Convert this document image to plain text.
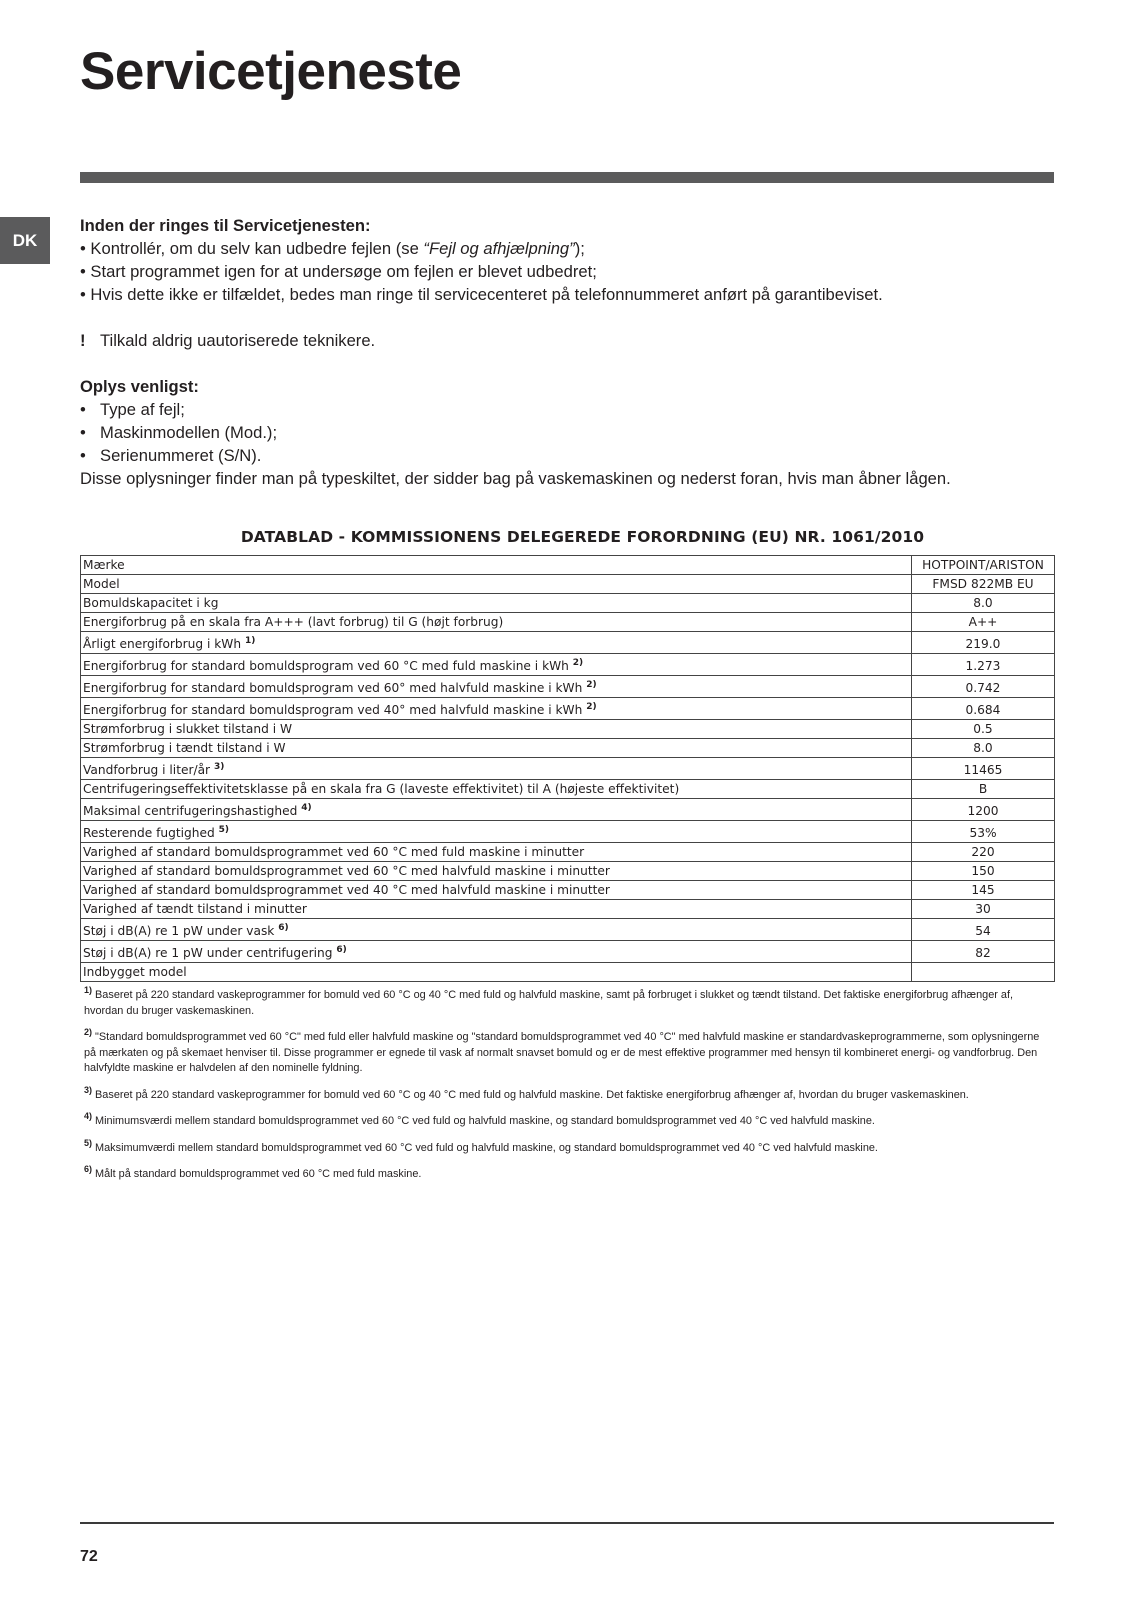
Servicetjeneste
DK

Inden der ringes til Servicetjenesten:

• Kontrollér, om du selv kan udbedre fejlen (se “Fejl og afhjælpning”);
• Start programmet igen for at undersøge om fejlen er blevet udbedret;
• Hvis dette ikke er tilfældet, bedes man ringe til servicecenteret på telefonnummeret anført på garantibeviset.
! Tilkald aldrig uautoriserede teknikere.

Oplys venligst:

• Type af fejl;
• Maskinmodellen (Mod.);
• Serienummeret (S/N).

Disse oplysninger finder man på typeskiltet, der sidder bag på vaskemaskinen og nederst foran, hvis man åbner lågen.

DATABLAD - KOMMISSIONENS DELEGEREDE FORORDNING (EU) NR. 1061/2010

Mærke	HOTPOINT/ARISTON
Model	FMSD 822MB EU
Bomuldskapacitet i kg	8.0
Energiforbrug på en skala fra A+++ (lavt forbrug) til G (højt forbrug)	A++
Årligt energiforbrug i kWh $^{1)}$	219.0
Energiforbrug for standard bomuldsprogram ved 60 °C med fuld maskine i kWh $^{2)}$	1.273
Energiforbrug for standard bomuldsprogram ved 60° med halvfuld maskine i kWh $^{2)}$	0.742
Energiforbrug for standard bomuldsprogram ved 40° med halvfuld maskine i kWh $^{2)}$	0.684
Strømforbrug i slukket tilstand i W	0.5
Strømforbrug i tændt tilstand i W	8.0
Vandforbrug i liter/år $^{3)}$	11465
Centrifugeringseffektivitetsklasse på en skala fra G (laveste effektivitet) til A (højeste effektivitet)	B
Maksimal centrifugeringshastighed $^{4)}$	1200
Resterende fugtighed $^{5)}$	53%
Varighed af standard bomuldsprogrammet ved 60 °C med fuld maskine i minutter	220
Varighed af standard bomuldsprogrammet ved 60 °C med halvfuld maskine i minutter	150
Varighed af standard bomuldsprogrammet ved 40 °C med halvfuld maskine i minutter	145
Varighed af tændt tilstand i minutter	30
Støj i dB(A) re 1 pW under vask $^{6)}$	54
Støj i dB(A) re 1 pW under centrifugering $^{6)}$	82
Indbygget model	

$^{1)}$ Baseret på 220 standard vaskeprogrammer for bomuld ved 60 °C og 40 °C med fuld og halvfuld maskine, samt på forbruget i slukket og tændt tilstand. Det faktiske energiforbrug afhænger af, hvordan du bruger vaskemaskinen.

$^{2)}$ "Standard bomuldsprogrammet ved 60 °C" med fuld eller halvfuld maskine og "standard bomuldsprogrammet ved 40 °C" med halvfuld maskine er standardvaskeprogrammerne, som oplysningerne på mærkaten og på skemaet henviser til. Disse programmer er egnede til vask af normalt snavset bomuld og er de mest effektive programmer med hensyn til kombineret energi- og vandforbrug. Den halvfyldte maskine er halvdelen af den nominelle fyldning.

$^{3)}$ Baseret på 220 standard vaskeprogrammer for bomuld ved 60 °C og 40 °C med fuld og halvfuld maskine. Det faktiske energiforbrug afhænger af, hvordan du bruger vaskemaskinen.

$^{4)}$ Minimumsværdi mellem standard bomuldsprogrammet ved 60 °C ved fuld og halvfuld maskine, og standard bomuldsprogrammet ved 40 °C ved halvfuld maskine.

$^{5)}$ Maksimumværdi mellem standard bomuldsprogrammet ved 60 °C ved fuld og halvfuld maskine, og standard bomuldsprogrammet ved 40 °C ved halvfuld maskine.

$^{6)}$ Målt på standard bomuldsprogrammet ved 60 °C med fuld maskine.

72
